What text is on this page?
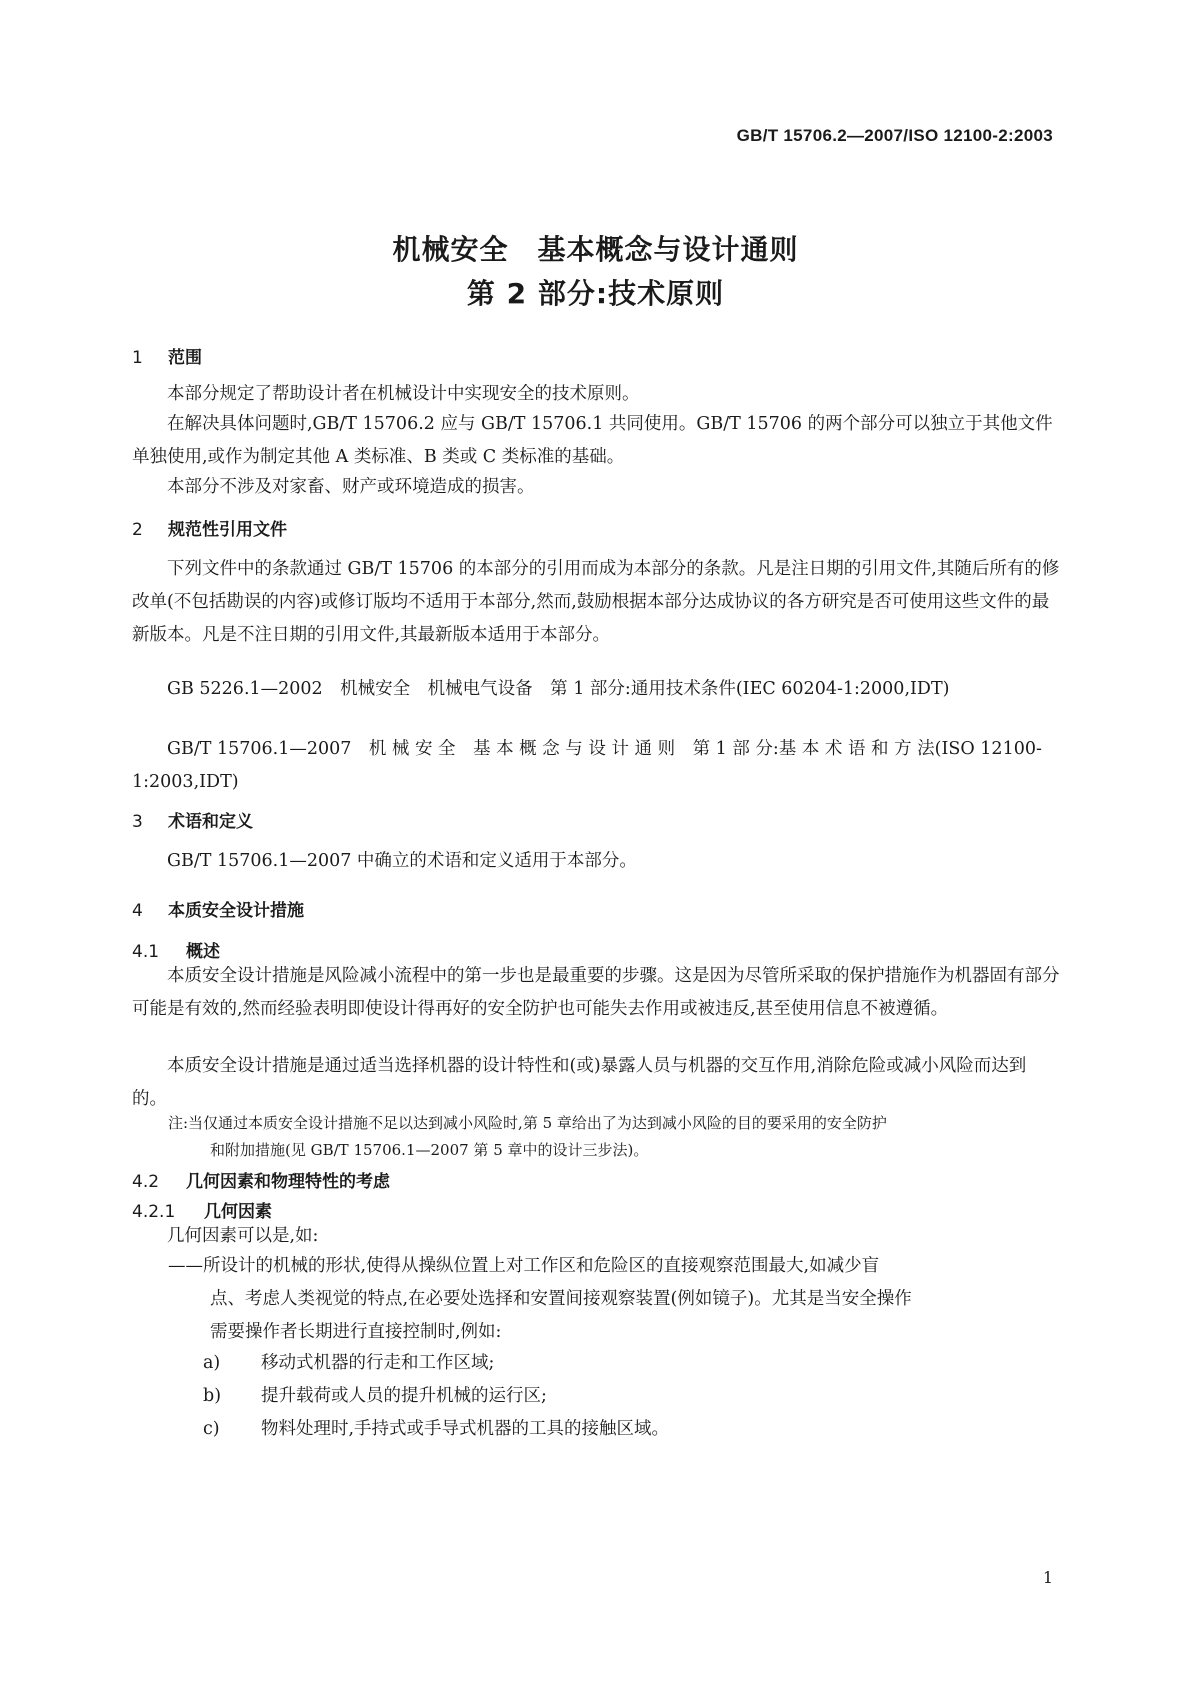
GB/T 15706.2—2007/ISO 12100-2:2003
机械安全　基本概念与设计通则
第 2 部分:技术原则
1 范围
本部分规定了帮助设计者在机械设计中实现安全的技术原则。
在解决具体问题时,GB/T 15706.2 应与 GB/T 15706.1 共同使用。GB/T 15706 的两个部分可以独立于其他文件单独使用,或作为制定其他 A 类标准、B 类或 C 类标准的基础。
本部分不涉及对家畜、财产或环境造成的损害。
2 规范性引用文件
下列文件中的条款通过 GB/T 15706 的本部分的引用而成为本部分的条款。凡是注日期的引用文件,其随后所有的修改单(不包括勘误的内容)或修订版均不适用于本部分,然而,鼓励根据本部分达成协议的各方研究是否可使用这些文件的最新版本。凡是不注日期的引用文件,其最新版本适用于本部分。
GB 5226.1—2002　机械安全　机械电气设备　第 1 部分:通用技术条件(IEC 60204-1:2000,IDT)
GB/T 15706.1—2007　机 械 安 全　基 本 概 念 与 设 计 通 则　第 1 部 分:基 本 术 语 和 方 法(ISO 12100-1:2003,IDT)
3 术语和定义
GB/T 15706.1—2007 中确立的术语和定义适用于本部分。
4 本质安全设计措施
4.1 概述
本质安全设计措施是风险减小流程中的第一步也是最重要的步骤。这是因为尽管所采取的保护措施作为机器固有部分可能是有效的,然而经验表明即使设计得再好的安全防护也可能失去作用或被违反,甚至使用信息不被遵循。
本质安全设计措施是通过适当选择机器的设计特性和(或)暴露人员与机器的交互作用,消除危险或减小风险而达到的。
注:当仅通过本质安全设计措施不足以达到减小风险时,第 5 章给出了为达到减小风险的目的要采用的安全防护
和附加措施(见 GB/T 15706.1—2007 第 5 章中的设计三步法)。
4.2 几何因素和物理特性的考虑
4.2.1 几何因素
几何因素可以是,如:
——所设计的机械的形状,使得从操纵位置上对工作区和危险区的直接观察范围最大,如减少盲
点、考虑人类视觉的特点,在必要处选择和安置间接观察装置(例如镜子)。尤其是当安全操作
需要操作者长期进行直接控制时,例如:
a) 移动式机器的行走和工作区域;
b) 提升载荷或人员的提升机械的运行区;
c) 物料处理时,手持式或手导式机器的工具的接触区域。
1
